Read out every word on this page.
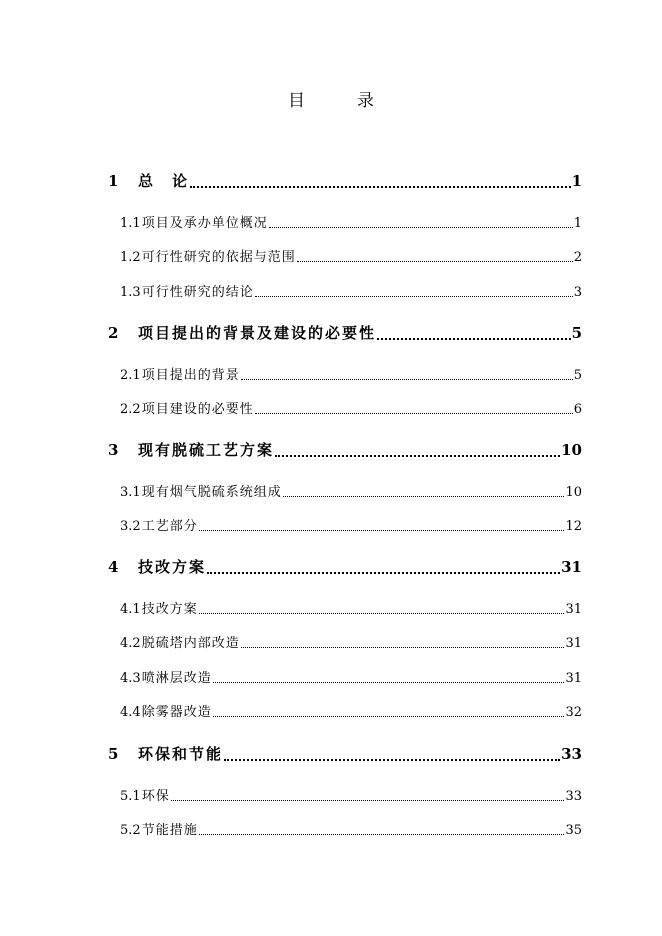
目	录
1	总　论	1
1.1 项目及承办单位概况	1
1.2 可行性研究的依据与范围	2
1.3 可行性研究的结论	3
2	项目提出的背景及建设的必要性	5
2.1 项目提出的背景	5
2.2 项目建设的必要性	6
3	现有脱硫工艺方案	10
3.1 现有烟气脱硫系统组成	10
3.2 工艺部分	12
4	技改方案	31
4.1 技改方案	31
4.2 脱硫塔内部改造	31
4.3 喷淋层改造	31
4.4 除雾器改造	32
5	环保和节能	33
5.1 环保	33
5.2 节能措施	35
